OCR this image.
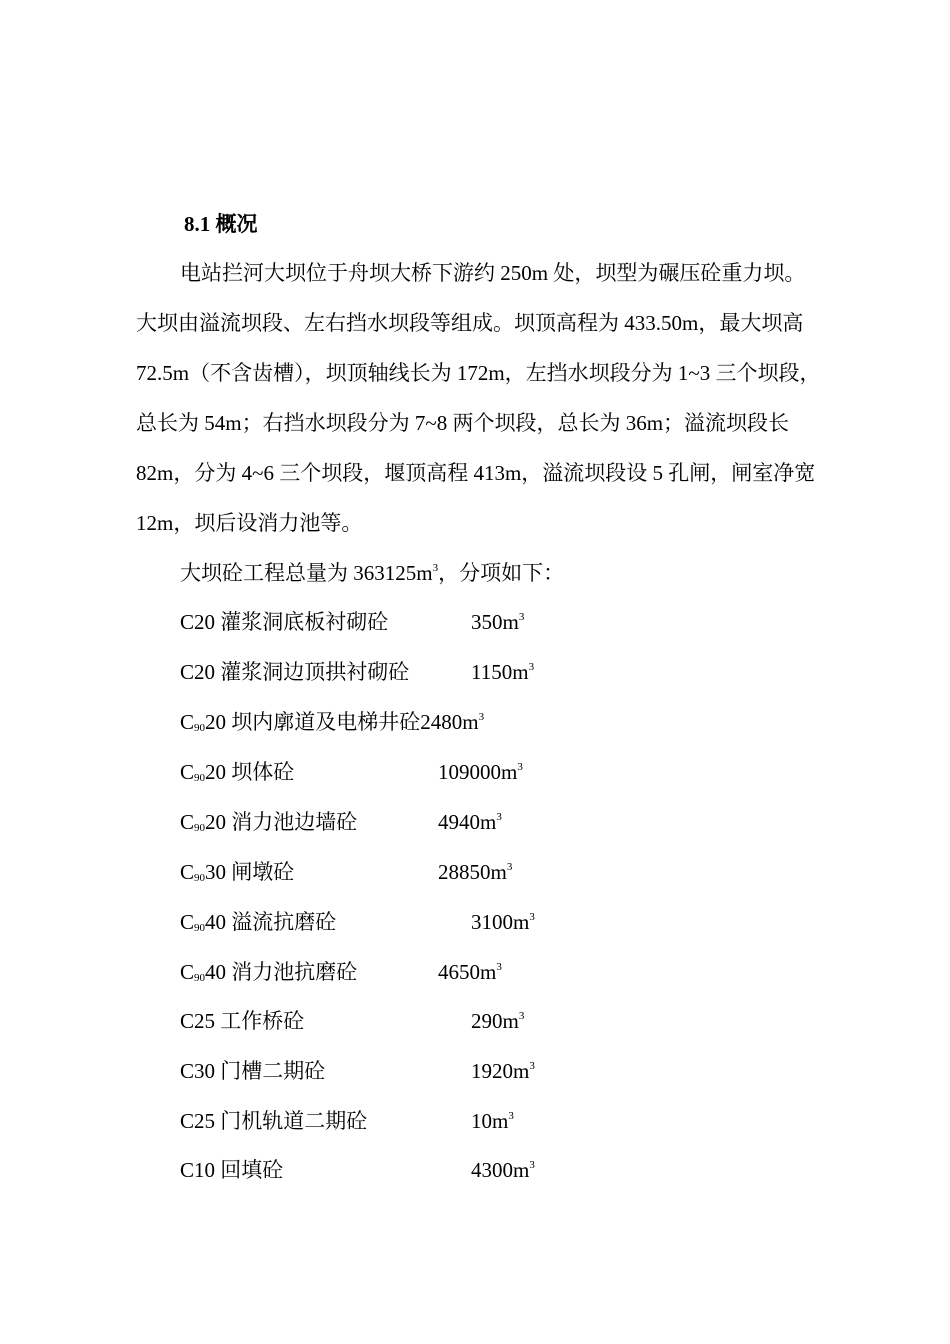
8.1 概况
电站拦河大坝位于舟坝大桥下游约 250m 处，坝型为碾压砼重力坝。
大坝由溢流坝段、左右挡水坝段等组成。坝顶高程为 433.50m，最大坝高
72.5m（不含齿槽），坝顶轴线长为 172m，左挡水坝段分为 1~3 三个坝段，
总长为 54m；右挡水坝段分为 7~8 两个坝段，总长为 36m；溢流坝段长
82m，分为 4~6 三个坝段，堰顶高程 413m，溢流坝段设 5 孔闸，闸室净宽
12m，坝后设消力池等。
大坝砼工程总量为 $363125m^3$，分项如下：
C20 灌浆洞底板衬砌砼	$350m^3$
C20 灌浆洞边顶拱衬砌砼	$1150m^3$
$C_{90}20$ 坝内廓道及电梯井砼$2480m^3$
$C_{90}20$ 坝体砼	$109000m^3$
$C_{90}20$ 消力池边墙砼	$4940m^3$
$C_{90}30$ 闸墩砼	$28850m^3$
$C_{90}40$ 溢流抗磨砼	$3100m^3$
$C_{90}40$ 消力池抗磨砼	$4650m^3$
C25 工作桥砼	$290m^3$
C30 门槽二期砼	$1920m^3$
C25 门机轨道二期砼	$10m^3$
C10 回填砼	$4300m^3$
